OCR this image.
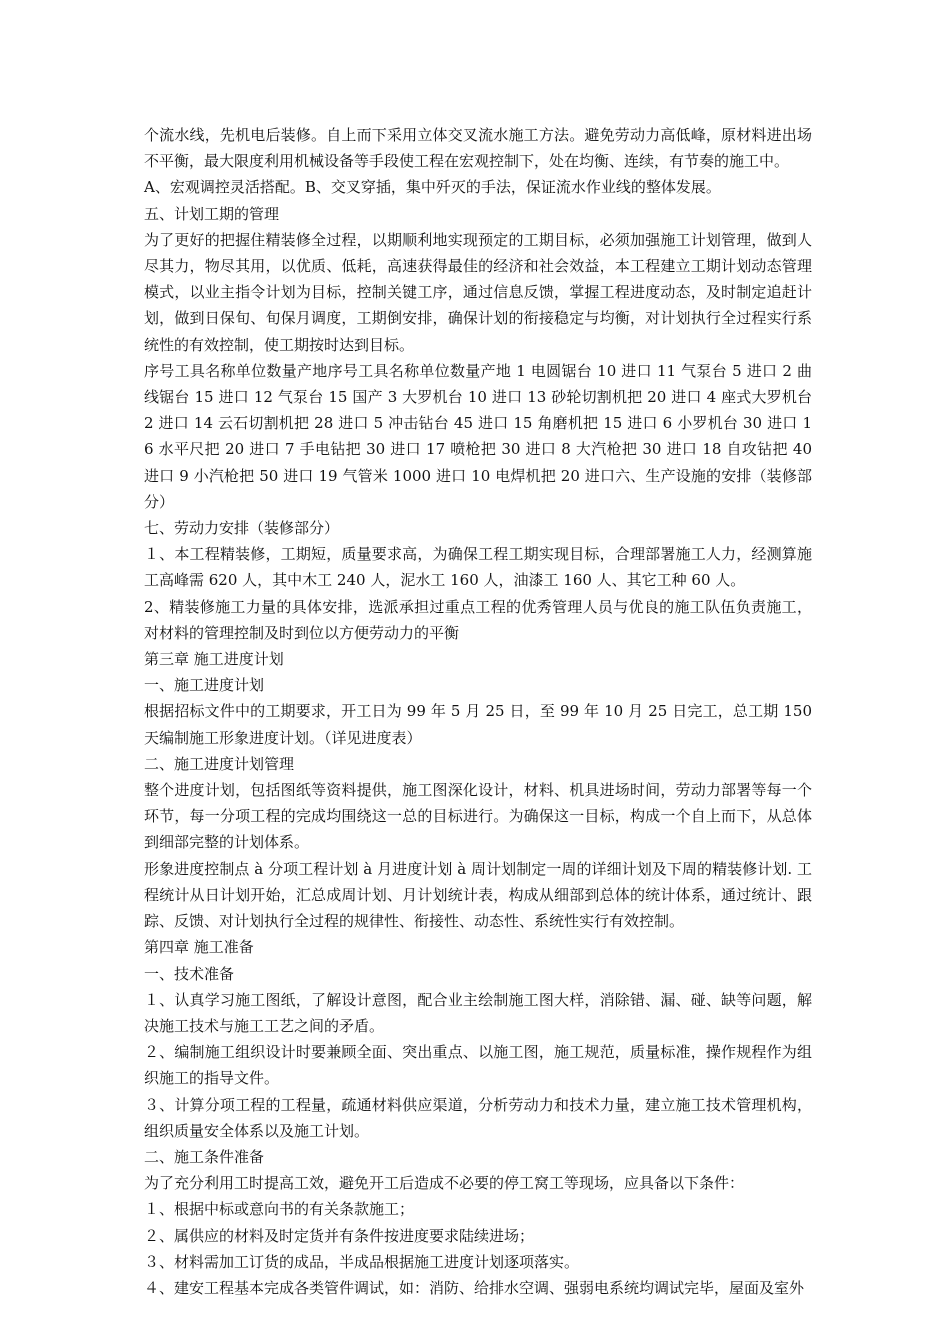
个流水线，先机电后装修。自上而下采用立体交叉流水施工方法。避免劳动力高低峰，原材料进出场不平衡，最大限度利用机械设备等手段使工程在宏观控制下，处在均衡、连续，有节奏的施工中。

A、宏观调控灵活搭配。B、交叉穿插，集中歼灭的手法，保证流水作业线的整体发展。

五、计划工期的管理

为了更好的把握住精装修全过程，以期顺利地实现预定的工期目标，必须加强施工计划管理，做到人尽其力，物尽其用，以优质、低耗，高速获得最佳的经济和社会效益，本工程建立工期计划动态管理模式，以业主指令计划为目标，控制关键工序，通过信息反馈，掌握工程进度动态，及时制定追赶计划，做到日保旬、旬保月调度，工期倒安排，确保计划的衔接稳定与均衡，对计划执行全过程实行系统性的有效控制，使工期按时达到目标。

序号工具名称单位数量产地序号工具名称单位数量产地 1 电圆锯台 10 进口 11 气泵台 5 进口 2 曲线锯台 15 进口 12 气泵台 15 国产 3 大罗机台 10 进口 13 砂轮切割机把 20 进口 4 座式大罗机台 2 进口 14 云石切割机把 28 进口 5 冲击钻台 45 进口 15 角磨机把 15 进口 6 小罗机台 30 进口 16 水平尺把 20 进口 7 手电钻把 30 进口 17 喷枪把 30 进口 8 大汽枪把 30 进口 18 自攻钻把 40 进口 9 小汽枪把 50 进口 19 气管米 1000 进口 10 电焊机把 20 进口六、生产设施的安排（装修部分）

七、劳动力安排（装修部分）

１、本工程精装修，工期短，质量要求高，为确保工程工期实现目标，合理部署施工人力，经测算施工高峰需 620 人，其中木工 240 人，泥水工 160 人，油漆工 160 人、其它工种 60 人。

2、精装修施工力量的具体安排，选派承担过重点工程的优秀管理人员与优良的施工队伍负责施工，对材料的管理控制及时到位以方便劳动力的平衡

第三章 施工进度计划

一、施工进度计划

根据招标文件中的工期要求，开工日为 99 年 5 月 25 日，至 99 年 10 月 25 日完工，总工期 150 天编制施工形象进度计划。（详见进度表）

二、施工进度计划管理

整个进度计划，包括图纸等资料提供，施工图深化设计，材料、机具进场时间，劳动力部署等每一个环节，每一分项工程的完成均围绕这一总的目标进行。为确保这一目标，构成一个自上而下，从总体到细部完整的计划体系。

形象进度控制点 à 分项工程计划 à 月进度计划 à 周计划制定一周的详细计划及下周的精装修计划. 工程统计从日计划开始，汇总成周计划、月计划统计表，构成从细部到总体的统计体系，通过统计、跟踪、反馈、对计划执行全过程的规律性、衔接性、动态性、系统性实行有效控制。

第四章 施工准备

一、技术准备

１、认真学习施工图纸，了解设计意图，配合业主绘制施工图大样，消除错、漏、碰、缺等问题，解决施工技术与施工工艺之间的矛盾。

２、编制施工组织设计时要兼顾全面、突出重点、以施工图，施工规范，质量标准，操作规程作为组织施工的指导文件。

３、计算分项工程的工程量，疏通材料供应渠道，分析劳动力和技术力量，建立施工技术管理机构，组织质量安全体系以及施工计划。

二、施工条件准备

为了充分利用工时提高工效，避免开工后造成不必要的停工窝工等现场，应具备以下条件：

１、根据中标或意向书的有关条款施工；

２、属供应的材料及时定货并有条件按进度要求陆续进场；

３、材料需加工订货的成品，半成品根据施工进度计划逐项落实。

４、建安工程基本完成各类管件调试，如：消防、给排水空调、强弱电系统均调试完毕，屋面及室外
